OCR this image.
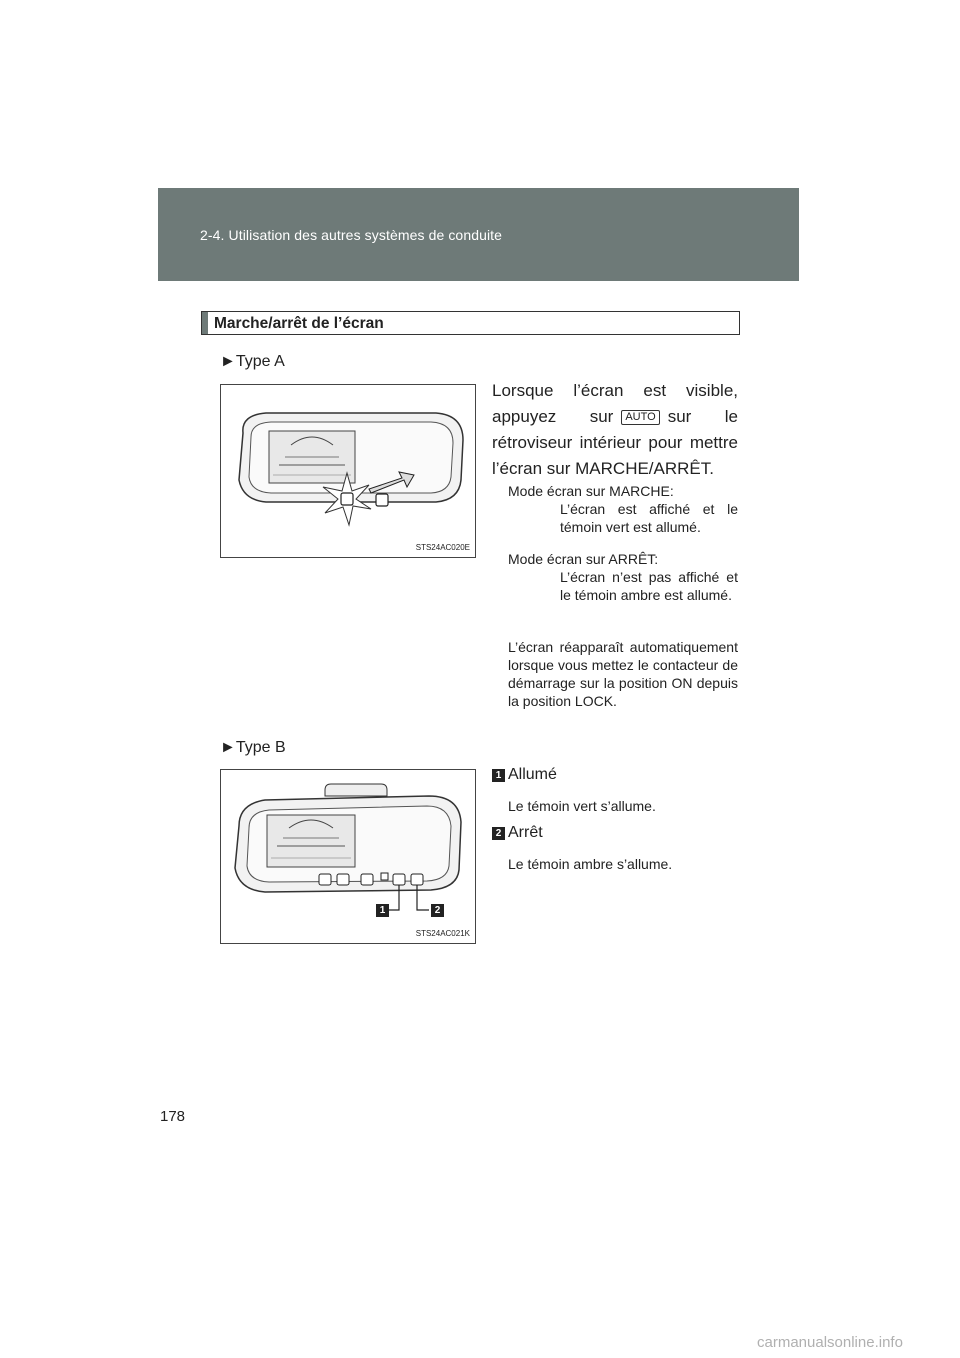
2-4. Utilisation des autres systèmes de conduite
Marche/arrêt de l’écran
►Type A
STS24AC020E
Lorsque l’écran est visible, appuyez sur AUTO sur le rétroviseur intérieur pour mettre l’écran sur MARCHE/ARRÊT.
Mode écran sur MARCHE:
L’écran est affiché et le témoin vert est allumé.
Mode écran sur ARRÊT:
L’écran n’est pas affiché et le témoin ambre est allumé.
L’écran réapparaît automatiquement lorsque vous mettez le contacteur de démarrage sur la position ON depuis la position LOCK.
►Type B
1	2
STS24AC021K
1 Allumé
Le témoin vert s’allume.
2 Arrêt
Le témoin ambre s’allume.
178
carmanualsonline.info
